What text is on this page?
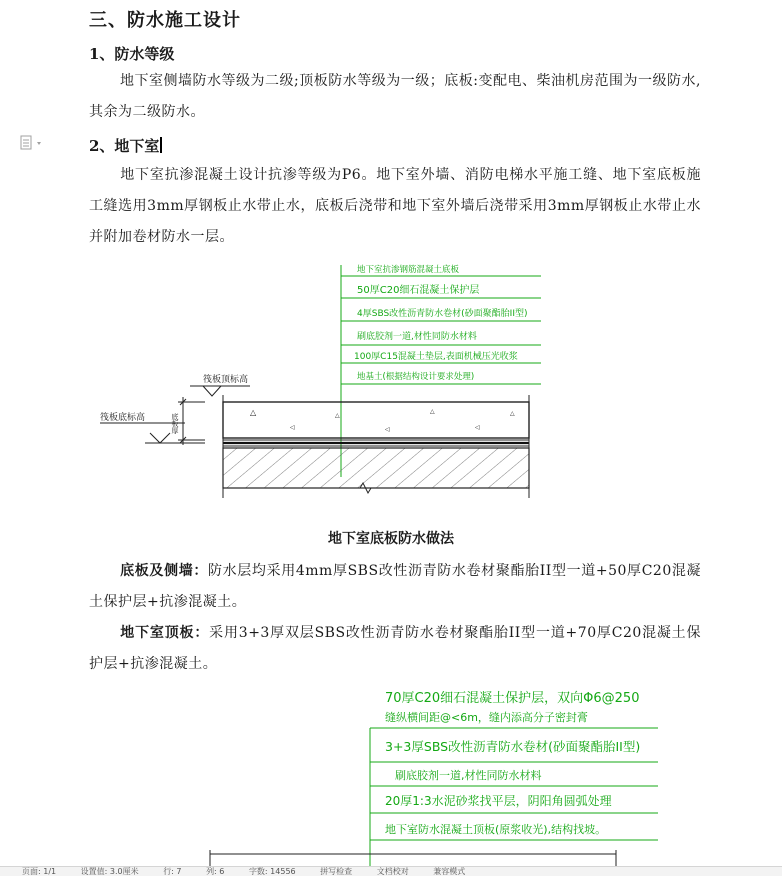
三、防水施工设计
1、防水等级
地下室侧墙防水等级为二级;顶板防水等级为一级；底板:变配电、柴油机房范围为一级防水,其余为二级防水。
2、地下室
地下室抗渗混凝土设计抗渗等级为P6。地下室外墙、消防电梯水平施工缝、地下室底板施工缝选用3mm厚钢板止水带止水，底板后浇带和地下室外墙后浇带采用3mm厚钢板止水带止水并附加卷材防水一层。
地下室抗渗钢筋混凝土底板
50厚C20细石混凝土保护层
4厚SBS改性沥青防水卷材(砂面聚酯胎II型)
刷底胶剂一道,材性同防水材料
100厚C15混凝土垫层,表面机械压光收浆
地基土(根据结构设计要求处理)
△
◁
△
◁
△
◁
△
筏板顶标高
筏板底标高	底板厚
地下室底板防水做法
底板及侧墙：防水层均采用4mm厚SBS改性沥青防水卷材聚酯胎II型一道+50厚C20混凝土保护层+抗渗混凝土。
地下室顶板：采用3+3厚双层SBS改性沥青防水卷材聚酯胎II型一道+70厚C20混凝土保护层+抗渗混凝土。
70厚C20细石混凝土保护层，双向Φ6@250
缝纵横间距@<6m，缝内添高分子密封膏
3+3厚SBS改性沥青防水卷材(砂面聚酯胎II型)
刷底胶剂一道,材性同防水材料
20厚1:3水泥砂浆找平层，阴阳角圆弧处理
地下室防水混凝土顶板(原浆收光),结构找坡。
页面: 1/1	设置值: 3.0厘米	行: 7	列: 6	字数: 14556	拼写检查	文档校对	兼容模式
